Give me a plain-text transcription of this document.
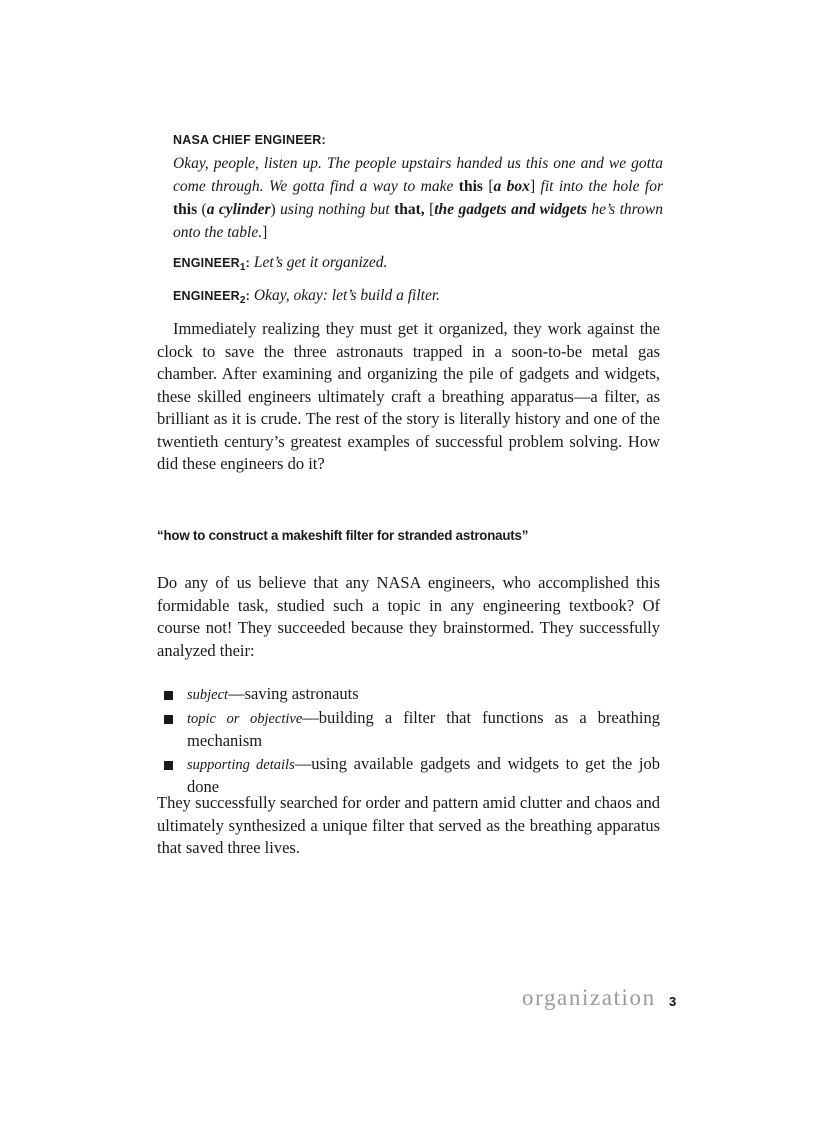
NASA CHIEF ENGINEER:
Okay, people, listen up. The people upstairs handed us this one and we gotta come through. We gotta find a way to make this [a box] fit into the hole for this (a cylinder) using nothing but that, [the gadgets and widgets he’s thrown onto the table.]
$ENGINEER_1$: Let’s get it organized.
$ENGINEER_2$: Okay, okay: let’s build a filter.
Immediately realizing they must get it organized, they work against the clock to save the three astronauts trapped in a soon-to-be metal gas chamber. After examining and organizing the pile of gadgets and widgets, these skilled engineers ultimately craft a breathing apparatus—a filter, as brilliant as it is crude. The rest of the story is literally history and one of the twentieth century’s greatest examples of successful problem solving. How did these engineers do it?
“how to construct a makeshift filter for stranded astronauts”
Do any of us believe that any NASA engineers, who accomplished this formidable task, studied such a topic in any engineering textbook? Of course not! They succeeded because they brainstormed. They successfully analyzed their:
subject—saving astronauts
topic or objective—building a filter that functions as a breathing mechanism
supporting details—using available gadgets and widgets to get the job done
They successfully searched for order and pattern amid clutter and chaos and ultimately synthesized a unique filter that served as the breathing apparatus that saved three lives.
organization 3
